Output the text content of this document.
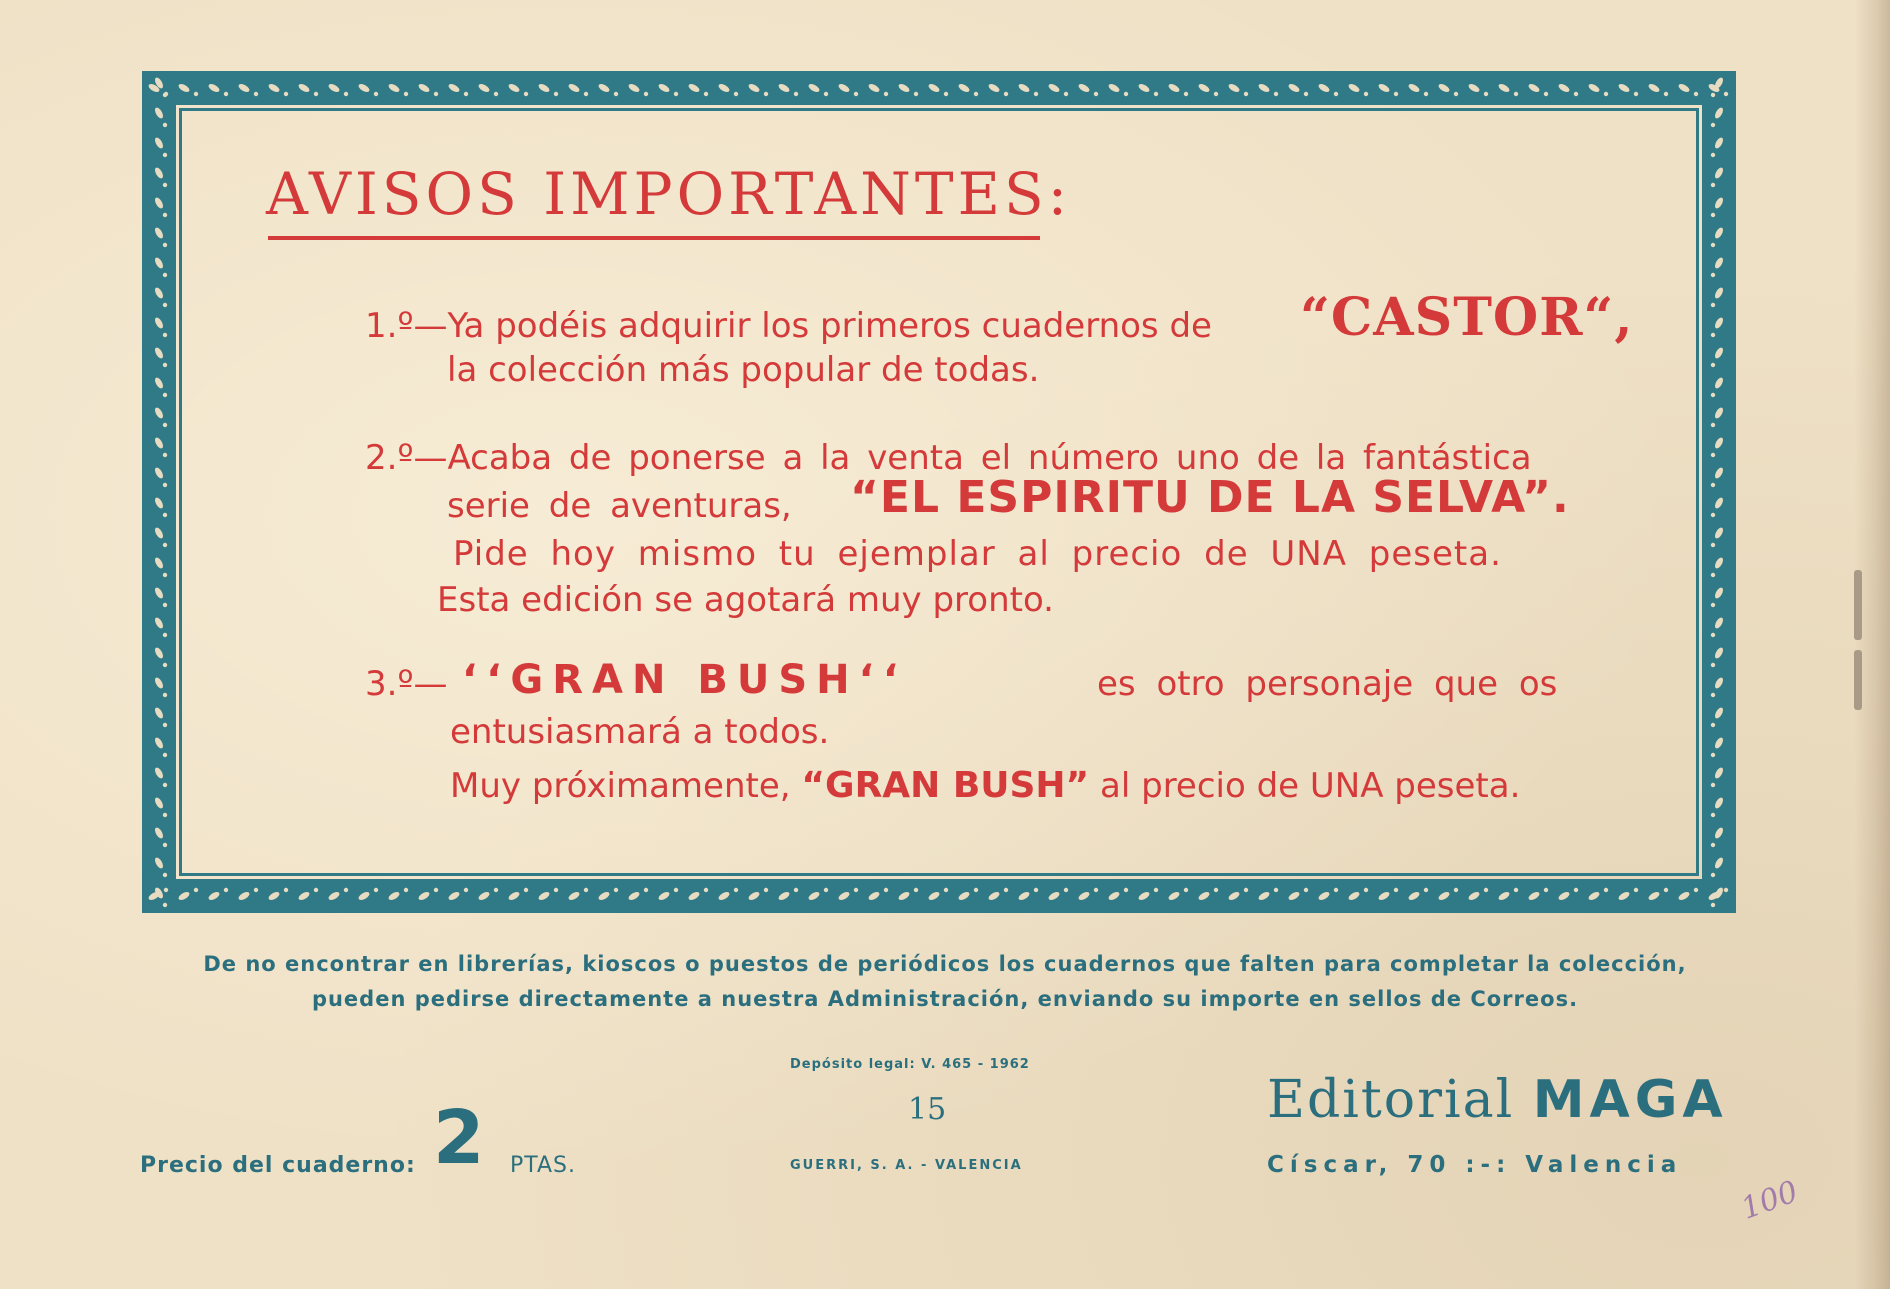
AVISOS IMPORTANTES:
1.º—Ya podéis adquirir los primeros cuadernos de “CASTOR“,
la colección más popular de todas.
2.º—Acaba de ponerse a la venta el número uno de la fantástica
serie de aventuras, “EL ESPIRITU DE LA SELVA”.
Pide hoy mismo tu ejemplar al precio de UNA peseta.
Esta edición se agotará muy pronto.
3.º— ‘‘GRAN BUSH‘‘	es otro personaje que os
entusiasmará a todos.
Muy próximamente, “GRAN BUSH” al precio de UNA peseta.
De no encontrar en librerías, kioscos o puestos de periódicos los cuadernos que falten para completar la colección,
pueden pedirse directamente a nuestra Administración, enviando su importe en sellos de Correos.
Depósito legal: V. 465 - 1962
15
GUERRI, S. A. - VALENCIA
Precio del cuaderno: 2 PTAS.
Editorial MAGA
Císcar, 70 :-: Valencia
100
